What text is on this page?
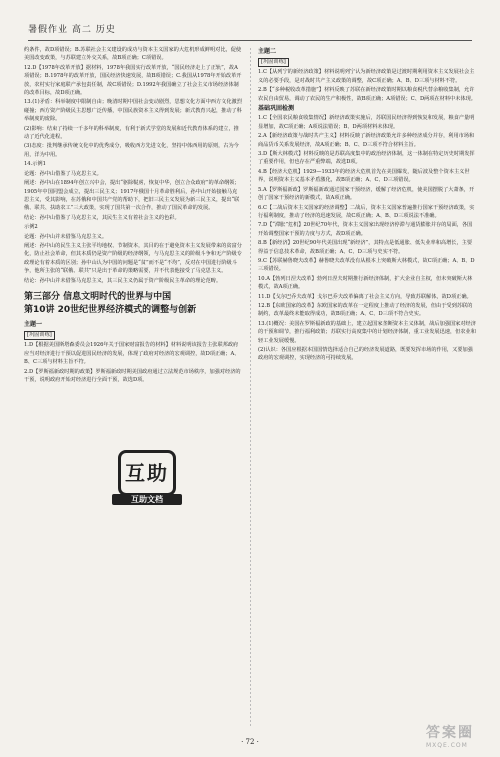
暑假作业 高二 历史

约条件，故D项错误；B.苏联社会主义建设的成功与资本主义国家的大危机形成鲜明对比，促使美国改变政策，与苏联建立外交关系，故B项正确；C项错误。

12.D【1978年改革开放】据材料，1978年我国实行改革开放，“国民经济走上了正轨”，故A项错误；B.1978年的改革开放，国民经济快速发展，故B项错误；C.我国从1978年开始改革开放，农村实行家庭联产承包责任制，故C项错误；D.1992年我国确立了社会主义市场经济体制的改革目标，故D项正确。

13.(1)矛盾：科举制度中限制自由；晚清时期中国社会变动剧烈，思想文化方面中西方文化激烈碰撞；西方资产阶级民主思想广泛传播，中国民族资本主义得到发展；新式教育兴起，推动了科举制度的废除。

(2)影响：结束了持续一千多年的科举制度，有利于新式学堂的发展和近代教育体系的建立，推动了近代化进程。

(3)态度：批判继承传统文化中的优秀成分，吸收西方先进文化，坚持中体西用的原则，古为今用，洋为中用。

14.示例1

论题：孙中山借鉴了马克思主义。

阐述：孙中山在1894年创立兴中会，提出“驱除鞑虏，恢复中华，创立合众政府”的革命纲领；1905年中国同盟会成立，提出三民主义；1917年俄国十月革命胜利后，孙中山开始接触马克思主义，受其影响，在苏俄和中国共产党的帮助下，把旧三民主义发展为新三民主义，提出“联俄、联共、扶助农工”三大政策，实现了国共第一次合作，推动了国民革命的发展。

结论：孙中山借鉴了马克思主义，其民生主义有着社会主义的色彩。

示例2

论题：孙中山并未借鉴马克思主义。

阐述：孙中山的民生主义主张平均地权、节制资本，其目的在于避免资本主义发展带来的贫富分化，防止社会革命，但其本质仍是资产阶级的经济纲领，与马克思主义的阶级斗争和无产阶级专政理论有着本质的区别；孙中山认为中国的问题是“贫”而不是“不均”，反对在中国进行阶级斗争，他所主张的“联俄、联共”只是出于革命的策略需要，并不代表他接受了马克思主义。

结论：孙中山并未借鉴马克思主义，其三民主义仍属于资产阶级民主革命的理论范畴。

第三部分 信息文明时代的世界与中国
第10讲 20世纪世界经济模式的调整与创新
主题一
[巩固训练]

1.D【根据美国斯塔森委员会1926年关于国家财富报告的材料】材料说明该报告主张联邦政府应当对经济进行干预以促进国民经济的发展，体现了政府对经济的宏观调控，故D项正确；A、B、C三项与材料主旨不符。

2.D【罗斯福新政时期的政策】罗斯福新政时期美国政府通过立法规范市场秩序，加强对经济的干预，说明政府开始对经济进行全面干预，故选D项。

主题二
[巩固训练]

1.C【从列宁的新经济政策】材料说明列宁认为新经济政策是过渡时期利用资本主义发展社会主义的必要手段，是对战时共产主义政策的调整，故C项正确；A、B、D三项与材料不符。

2.B【“多种税收改革措施”】材料反映了苏联在新经济政策时期以粮食税代替余粮收集制，允许农民自由贸易，调动了农民的生产积极性，故B项正确；A项错误；C、D两项在材料中未体现。

基础巩固检测

1.C【全国农民粮食收集情况】新经济政策实施后，苏联国民经济得到恢复和发展，粮食产量明显增加，故C项正确；A项说法错误；B、D两项材料未体现。

2.A【新经济政策与战时共产主义】材料反映了新经济政策允许多种经济成分并存，利用市场和商品货币关系发展经济，故A项正确；B、C、D三项不符合材料主旨。

3.D【斯大林模式】材料反映的是苏联高度集中的政治经济体制，这一体制在特定历史时期发挥了重要作用，但也存在严重弊端，故选D项。

4.B【经济大危机】1929—1933年的经济大危机首先在美国爆发，随后波及整个资本主义世界，说明资本主义基本矛盾激化，故B项正确；A、C、D三项错误。

5.A【罗斯福新政】罗斯福新政通过国家干预经济，缓解了经济危机，使美国摆脱了大萧条，开创了国家干预经济的新模式，故A项正确。

6.C【二战后资本主义国家的经济调整】二战后，资本主义国家普遍推行国家干预经济政策，实行福利制度，推动了经济的迅速发展，故C项正确；A、B、D三项说法不准确。

7.D【“滞胀”危机】20世纪70年代，资本主义国家出现经济停滞与通货膨胀并存的局面，各国开始调整国家干预的力度与方式，故D项正确。

8.B【新经济】20世纪90年代美国出现“新经济”，其特点是低通胀、低失业率和高增长，主要得益于信息技术革命，故B项正确；A、C、D三项与史实不符。

9.C【苏联赫鲁晓夫改革】赫鲁晓夫改革没有从根本上突破斯大林模式，故C项正确；A、B、D三项错误。

10.A【勃列日涅夫改革】勃列日涅夫时期推行新经济体制，扩大企业自主权，但未突破斯大林模式，故A项正确。

11.D【戈尔巴乔夫改革】戈尔巴乔夫改革偏离了社会主义方向，导致苏联解体，故D项正确。

12.B【东欧国家的改革】东欧国家的改革在一定程度上推动了经济的发展，但由于受到苏联的制约，改革最终未能取得成功，故B项正确；A、C、D三项不符合史实。

13.(1)概况：美国在罗斯福新政的基础上，建立起国家垄断资本主义体制，战后加强国家对经济的干预和调节，推行福利政策；苏联实行高度集中的计划经济体制，重工业发展迅速，但农业和轻工业发展缓慢。

(2)认识：各国应根据本国国情选择适合自己的经济发展道路，既要发挥市场的作用，又要加强政府的宏观调控，实现经济的可持续发展。

互助
互助文档
· 72 ·
答案圈
MXQE.COM
